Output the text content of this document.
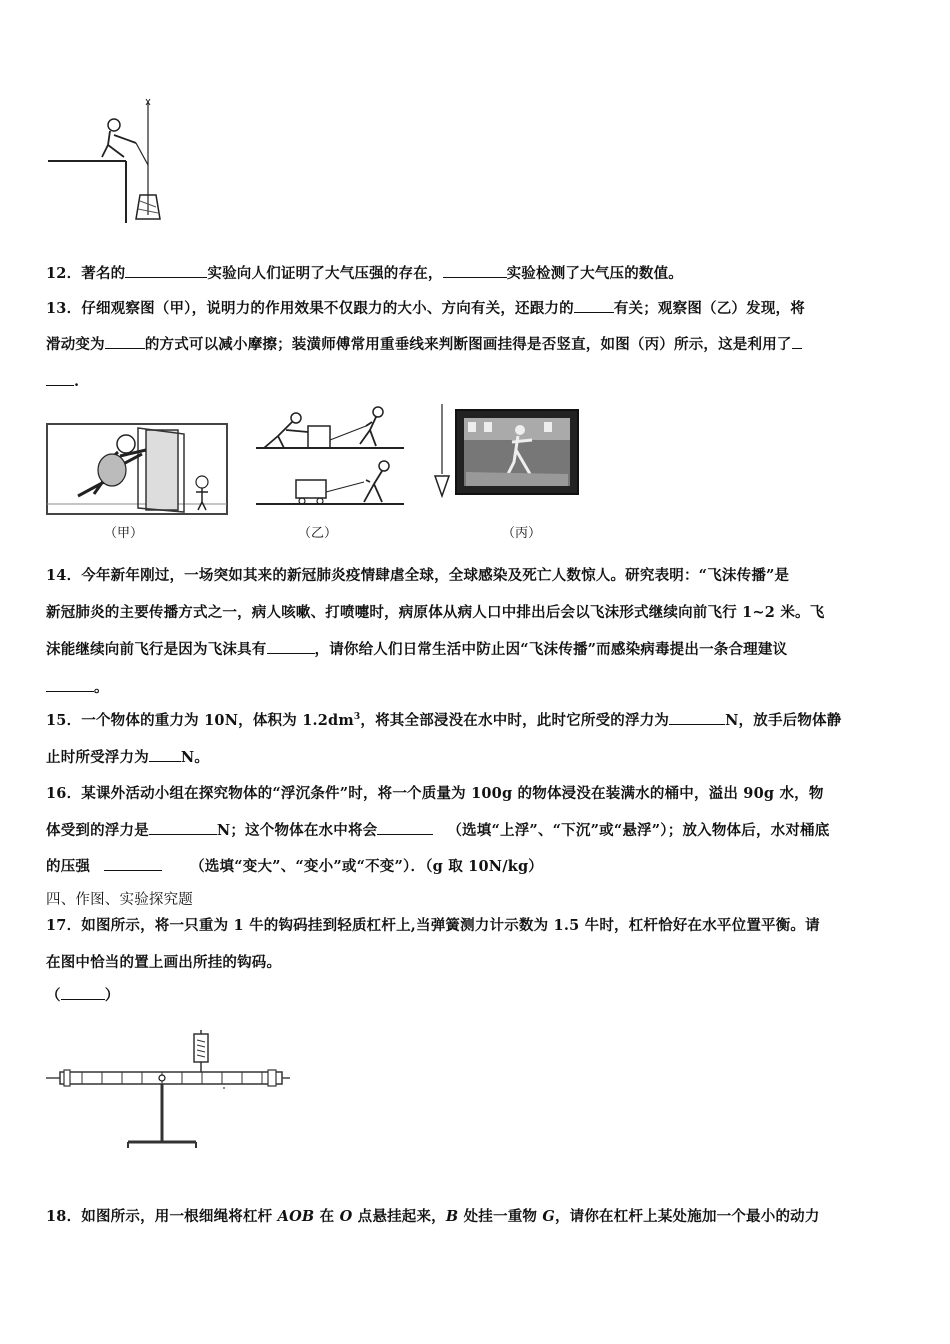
12．著名的	实验向人们证明了大气压强的存在，	实验检测了大气压的数值。
13．仔细观察图（甲），说明力的作用效果不仅跟力的大小、方向有关，还跟力的	有关；观察图（乙）发现，将
滑动变为	的方式可以减小摩擦；装潢师傅常用重垂线来判断图画挂得是否竖直，如图（丙）所示，这是利用了
.
（甲）	（乙）	（丙）
14．今年新年刚过，一场突如其来的新冠肺炎疫情肆虐全球，全球感染及死亡人数惊人。研究表明：“飞沫传播”是
新冠肺炎的主要传播方式之一，病人咳嗽、打喷嚏时，病原体从病人口中排出后会以飞沫形式继续向前飞行 1~2 米。飞
沫能继续向前飞行是因为飞沫具有	，请你给人们日常生活中防止因“飞沫传播”而感染病毒提出一条合理建议
。
15．一个物体的重力为 10N，体积为 $1.2dm^3$，将其全部浸没在水中时，此时它所受的浮力为	N，放手后物体静
止时所受浮力为 N。
16．某课外活动小组在探究物体的“浮沉条件”时，将一个质量为 100g 的物体浸没在装满水的桶中，溢出 90g 水，物
体受到的浮力是	N；这个物体在水中将会	（选填“上浮”、“下沉”或“悬浮”）；放入物体后，水对桶底
的压强	（选填“变大”、“变小”或“不变”）．（g 取 10N/kg）
四、作图、实验探究题
17．如图所示，将一只重为 1 牛的钩码挂到轻质杠杆上,当弹簧测力计示数为 1.5 牛时，杠杆恰好在水平位置平衡。请
在图中恰当的置上画出所挂的钩码。
（	）
18．如图所示，用一根细绳将杠杆 AOB 在 O 点悬挂起来，B 处挂一重物 G，请你在杠杆上某处施加一个最小的动力
